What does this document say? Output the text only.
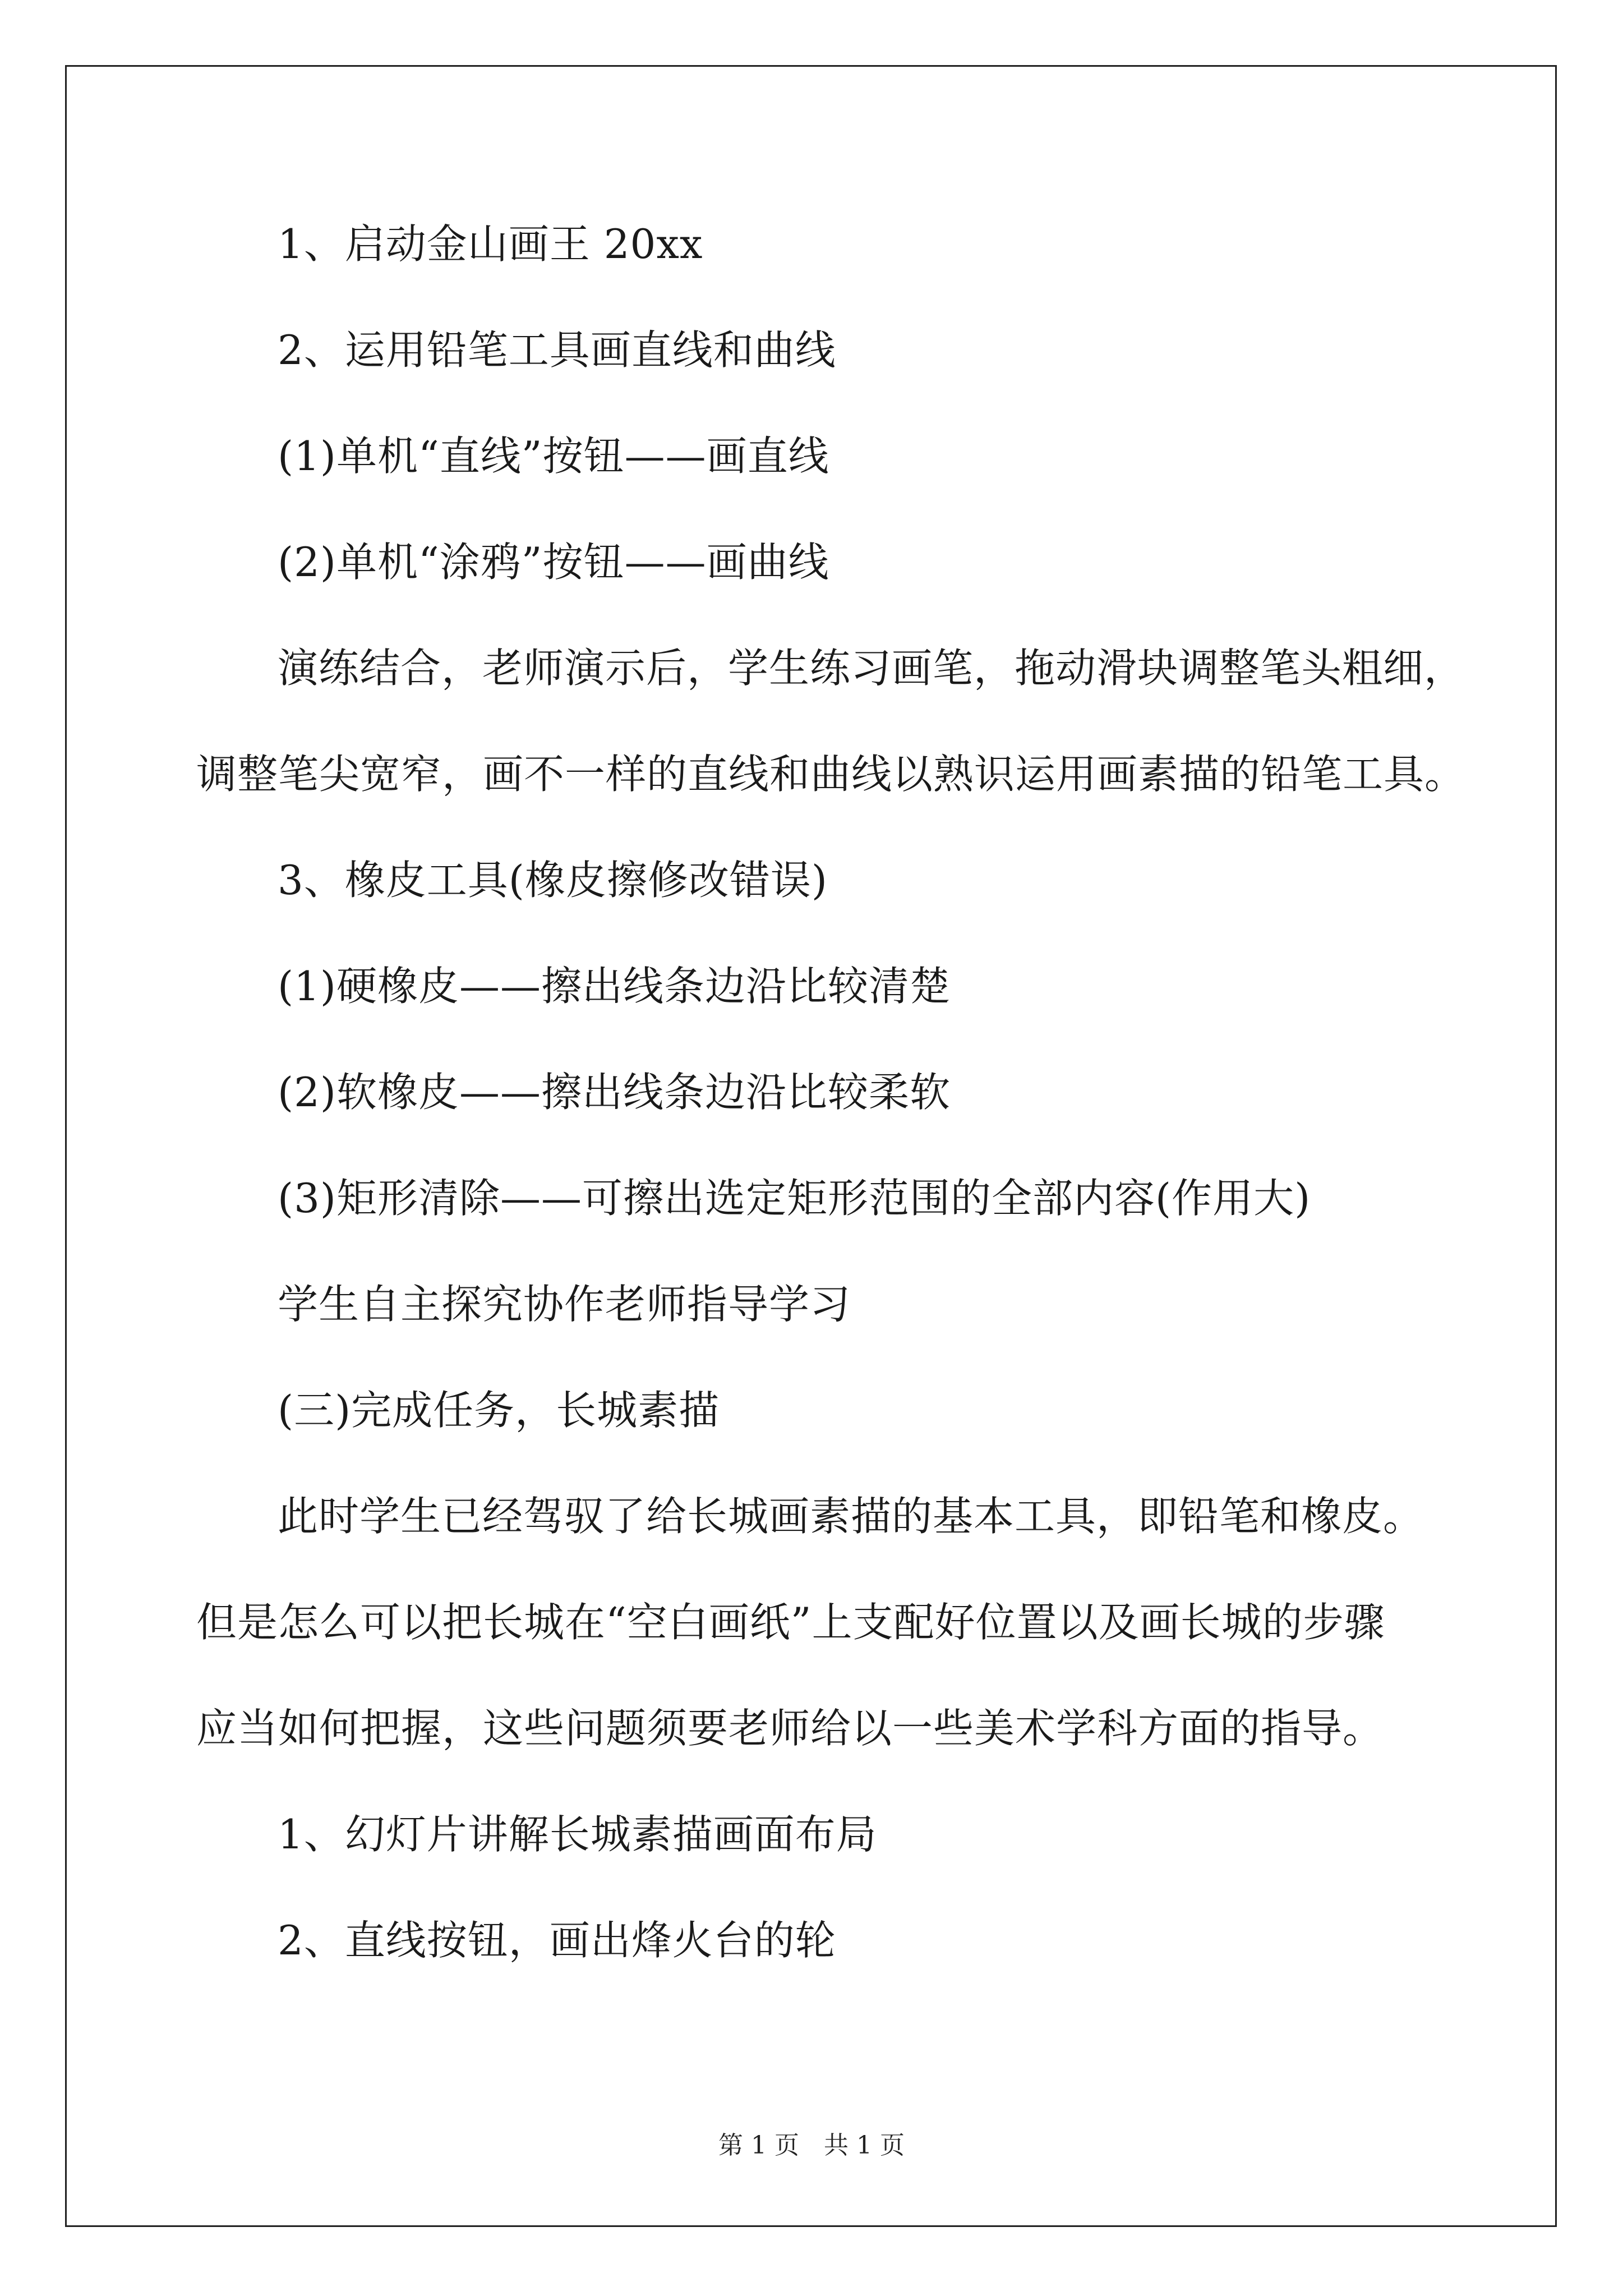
1、启动金山画王 20xx
2、运用铅笔工具画直线和曲线
(1)单机“直线”按钮——画直线
(2)单机“涂鸦”按钮——画曲线
演练结合，老师演示后，学生练习画笔，拖动滑块调整笔头粗细，
调整笔尖宽窄，画不一样的直线和曲线以熟识运用画素描的铅笔工具。
3、橡皮工具(橡皮擦修改错误)
(1)硬橡皮——擦出线条边沿比较清楚
(2)软橡皮——擦出线条边沿比较柔软
(3)矩形清除——可擦出选定矩形范围的全部内容(作用大)
学生自主探究协作老师指导学习
(三)完成任务，长城素描
此时学生已经驾驭了给长城画素描的基本工具，即铅笔和橡皮。
但是怎么可以把长城在“空白画纸”上支配好位置以及画长城的步骤
应当如何把握，这些问题须要老师给以一些美术学科方面的指导。
1、幻灯片讲解长城素描画面布局
2、直线按钮，画出烽火台的轮
第 1 页 共 1 页
